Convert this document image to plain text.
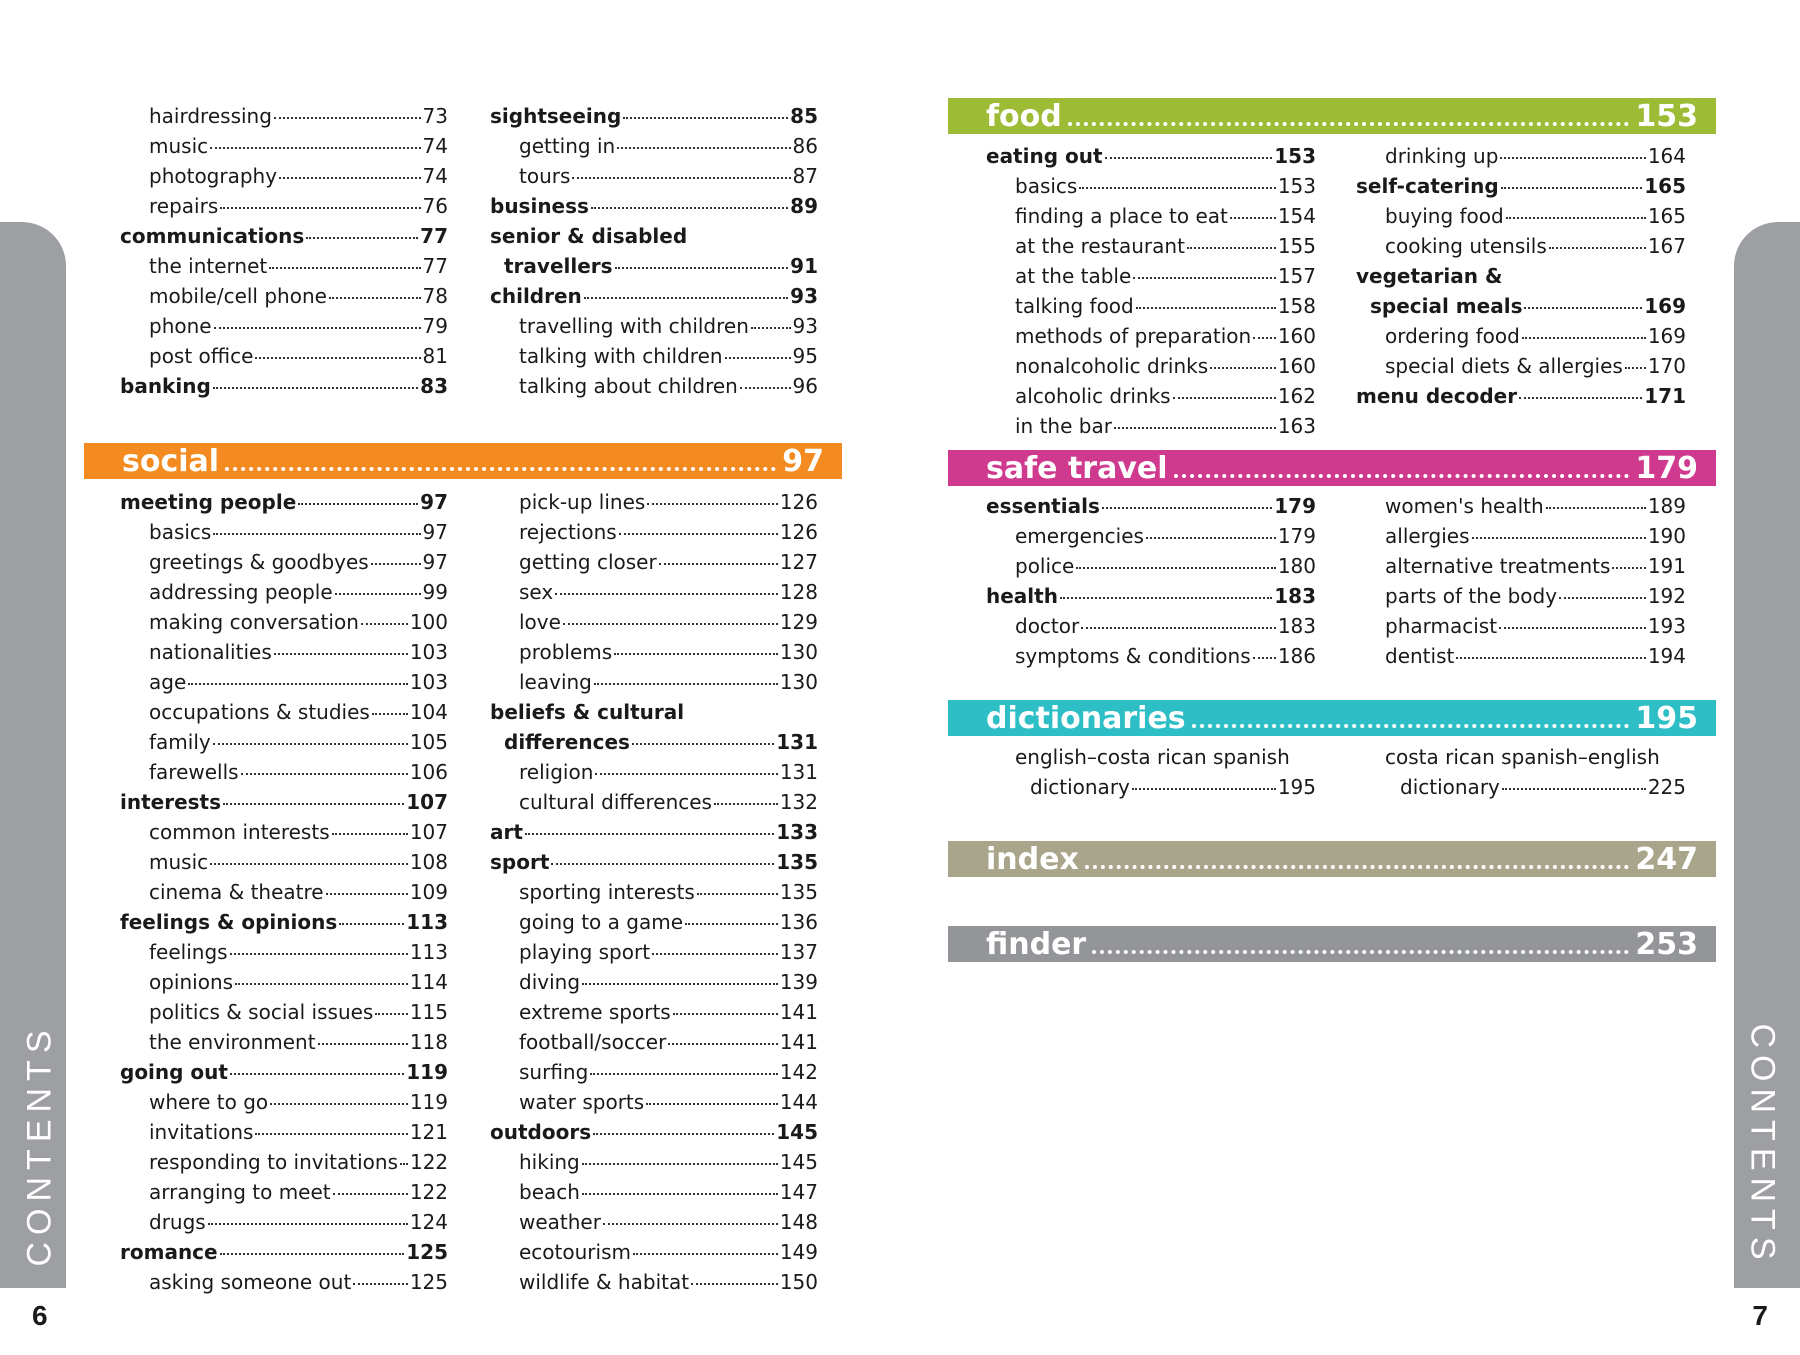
CONTENTS
6
hairdressing	73
music	74
photography	74
repairs	76
communications	77
the internet	77
mobile/cell phone	78
phone	79
post office	81
banking	83
sightseeing	85
getting in	86
tours	87
business	89
senior & disabled
travellers	91
children	93
travelling with children 93
talking with children	95
talking about children	96
social	97
meeting people	97
basics	97
greetings & goodbyes	97
addressing people	99
making conversation	100
nationalities	103
age	103
occupations & studies 104
family	105
farewells	106
interests	107
common interests	107
music	108
cinema & theatre	109
feelings & opinions	113
feelings	113
opinions	114
politics & social issues 115
the environment	118
going out	119
where to go	119
invitations	121
responding to invitations 122
arranging to meet	122
drugs	124
romance	125
asking someone out	125
pick-up lines	126
rejections	126
getting closer	127
sex	128
love	129
problems	130
leaving	130
beliefs & cultural
differences	131
religion	131
cultural differences	132
art	133
sport	135
sporting interests	135
going to a game	136
playing sport	137
diving	139
extreme sports	141
football/soccer	141
surfing	142
water sports	144
outdoors	145
hiking	145
beach	147
weather	148
ecotourism	149
wildlife & habitat	150
CONTENTS
7
food	153
eating out	153
basics	153
finding a place to eat 154
at the restaurant	155
at the table	157
talking food	158
methods of preparation 160
nonalcoholic drinks	160
alcoholic drinks	162
in the bar	163
drinking up	164
self-catering	165
buying food	165
cooking utensils	167
vegetarian &
special meals	169
ordering food	169
special diets & allergies 170
menu decoder	171
safe travel	179
essentials	179
emergencies	179
police	180
health	183
doctor	183
symptoms & conditions 186
women's health	189
allergies	190
alternative treatments 191
parts of the body	192
pharmacist	193
dentist	194
dictionaries	195
english–costa rican spanish
dictionary	195
costa rican spanish–english
dictionary	225
index	247
finder	253
